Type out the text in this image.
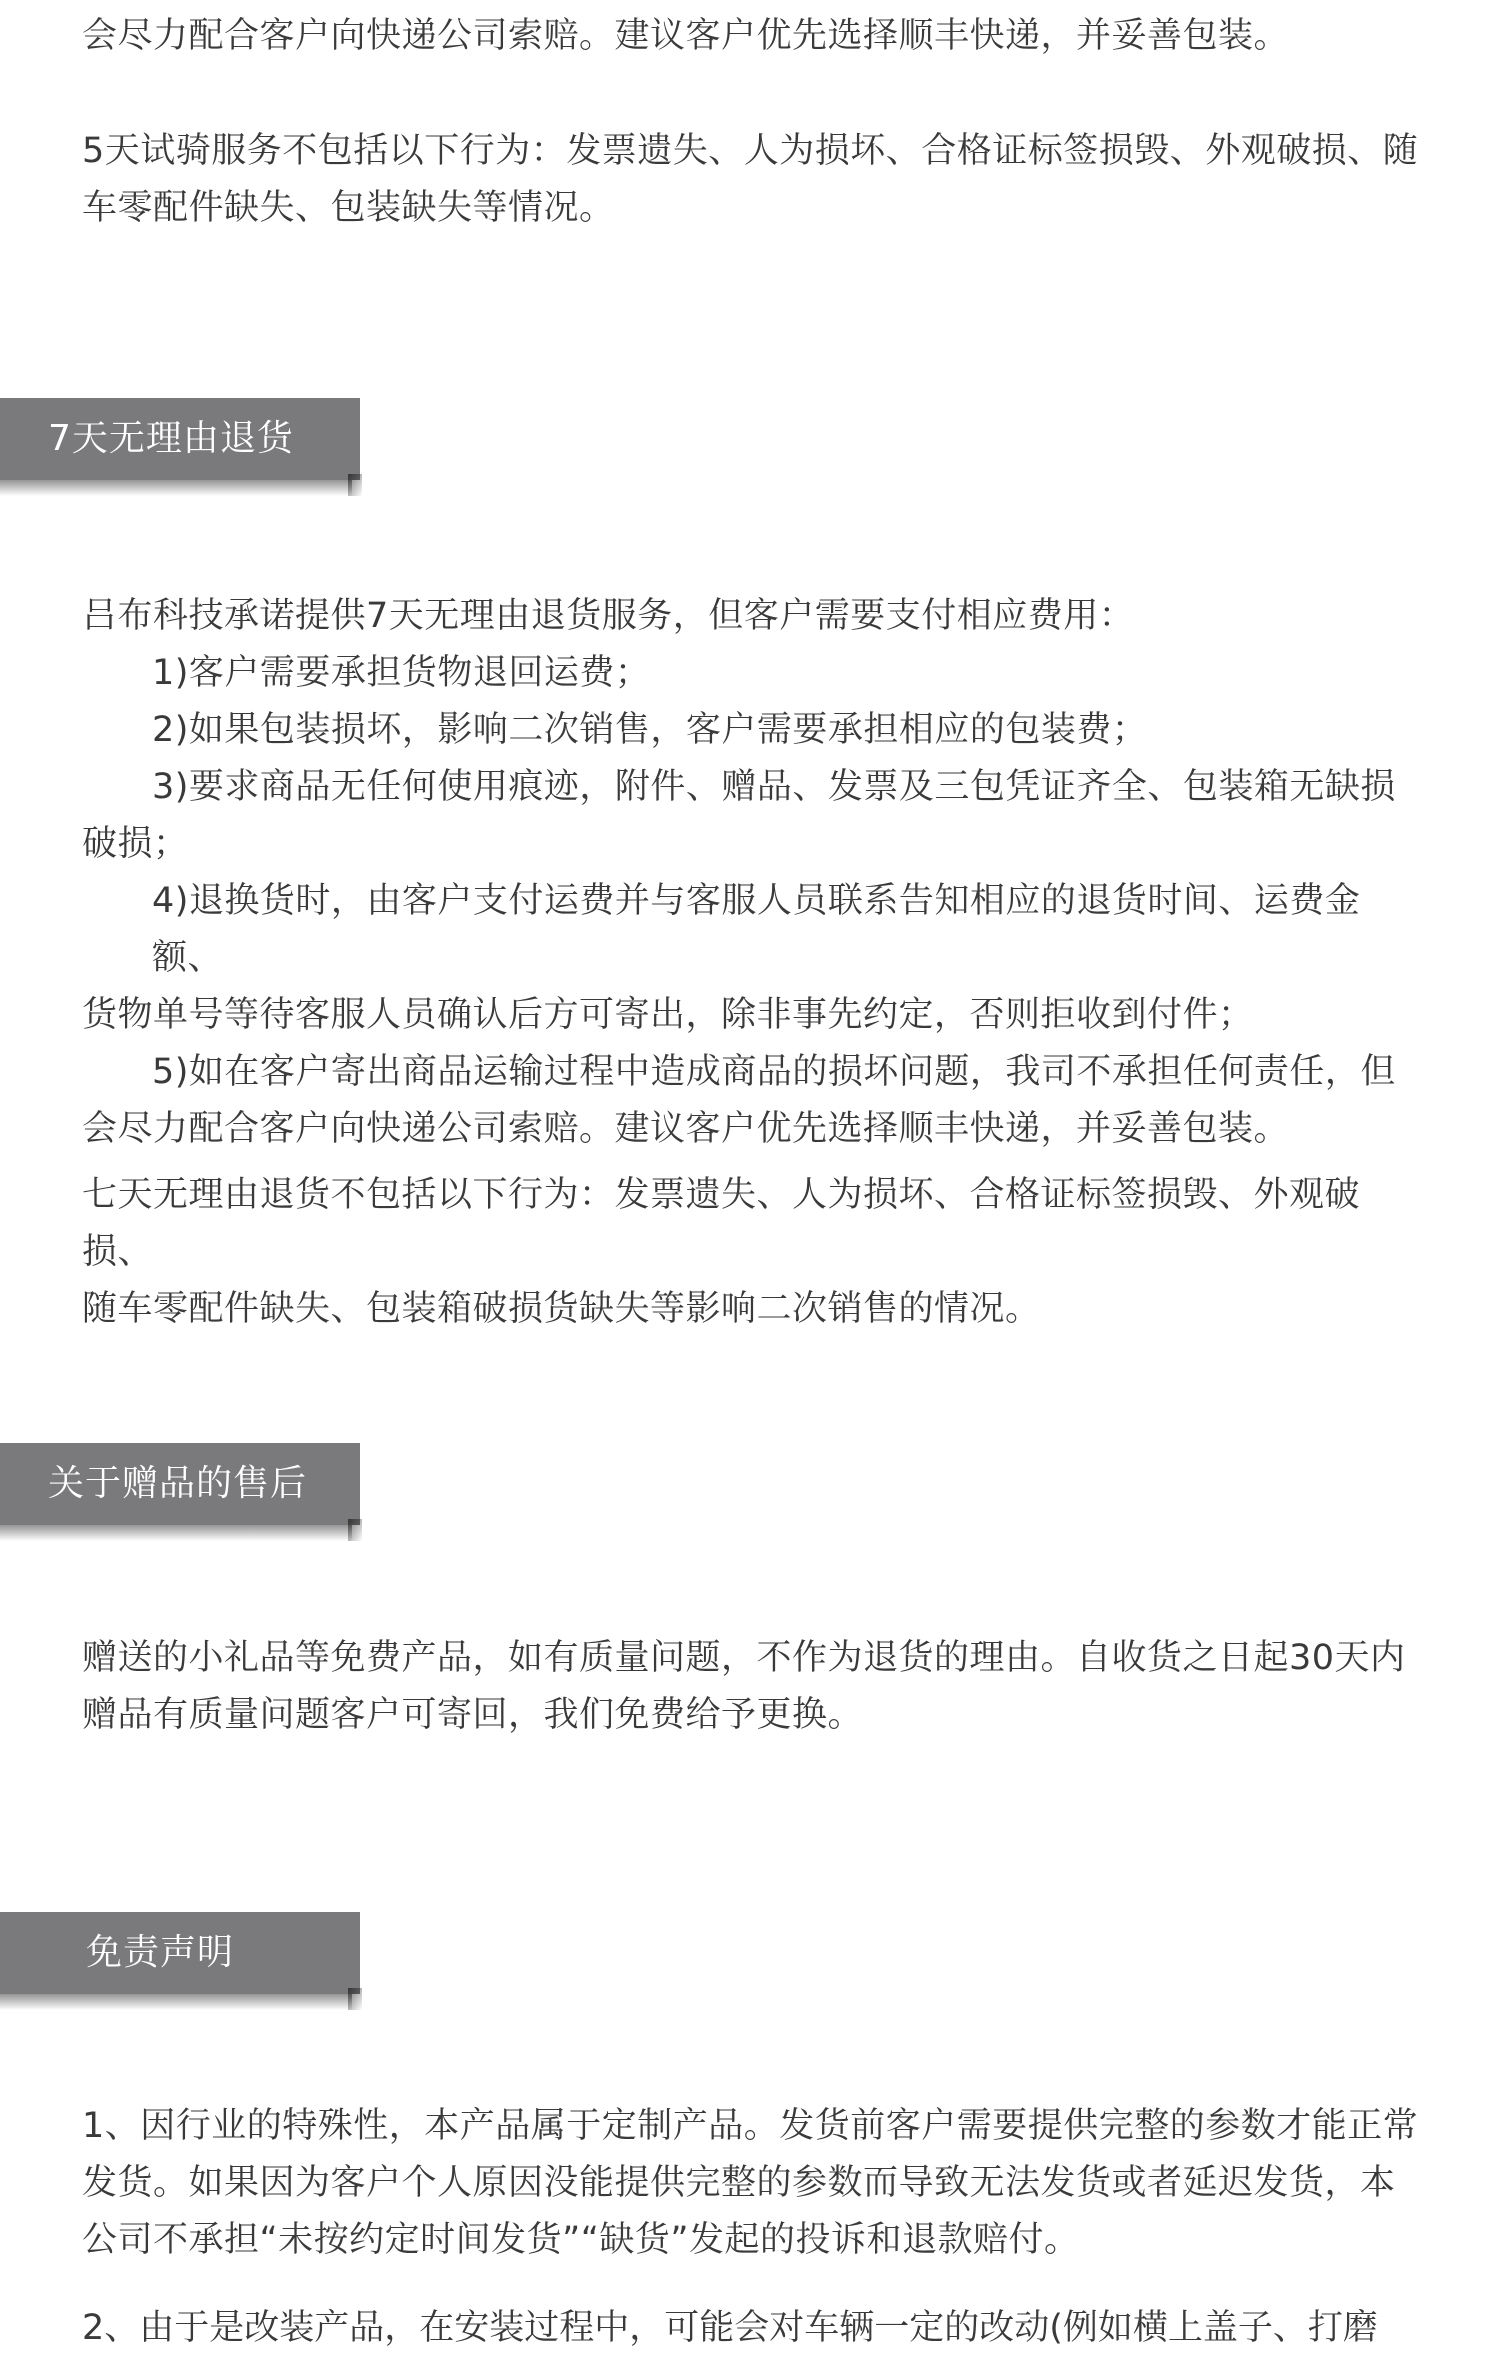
会尽力配合客户向快递公司索赔。建议客户优先选择顺丰快递，并妥善包装。

5天试骑服务不包括以下行为：发票遗失、人为损坏、合格证标签损毁、外观破损、随
车零配件缺失、包装缺失等情况。

7天无理由退货

吕布科技承诺提供7天无理由退货服务，但客户需要支付相应费用：
1)客户需要承担货物退回运费；
2)如果包装损坏，影响二次销售，客户需要承担相应的包装费；
3)要求商品无任何使用痕迹，附件、赠品、发票及三包凭证齐全、包装箱无缺损
破损；
4)退换货时，由客户支付运费并与客服人员联系告知相应的退货时间、运费金额、
货物单号等待客服人员确认后方可寄出，除非事先约定，否则拒收到付件；
5)如在客户寄出商品运输过程中造成商品的损坏问题，我司不承担任何责任，但
会尽力配合客户向快递公司索赔。建议客户优先选择顺丰快递，并妥善包装。

七天无理由退货不包括以下行为：发票遗失、人为损坏、合格证标签损毁、外观破损、
随车零配件缺失、包装箱破损货缺失等影响二次销售的情况。

关于赠品的售后

赠送的小礼品等免费产品，如有质量问题，不作为退货的理由。自收货之日起30天内
赠品有质量问题客户可寄回，我们免费给予更换。

免责声明

1、因行业的特殊性，本产品属于定制产品。发货前客户需要提供完整的参数才能正常
发货。如果因为客户个人原因没能提供完整的参数而导致无法发货或者延迟发货，本
公司不承担“未按约定时间发货”“缺货”发起的投诉和退款赔付。

2、由于是改装产品，在安装过程中，可能会对车辆一定的改动(例如横上盖子、打磨
